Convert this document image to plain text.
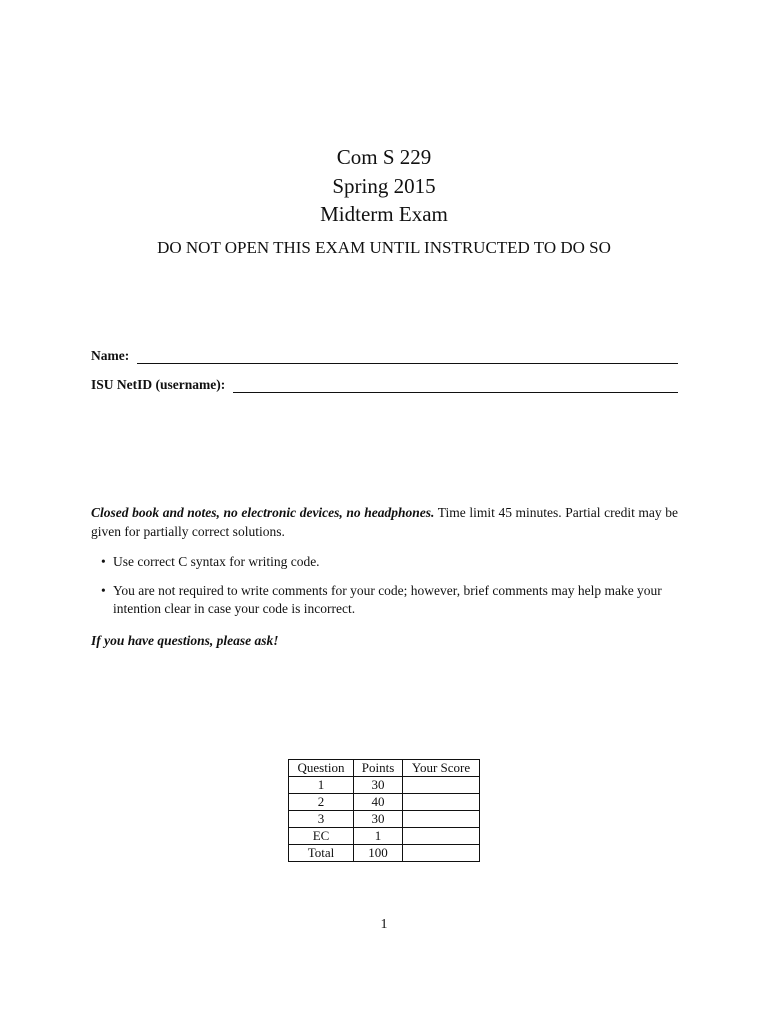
Com S 229
Spring 2015
Midterm Exam
DO NOT OPEN THIS EXAM UNTIL INSTRUCTED TO DO SO
Name:
ISU NetID (username):
Closed book and notes, no electronic devices, no headphones. Time limit 45 minutes. Partial credit may be given for partially correct solutions.
• Use correct C syntax for writing code.
• You are not required to write comments for your code; however, brief comments may help make your intention clear in case your code is incorrect.
If you have questions, please ask!
Question	Points	Your Score
1	30	
2	40	
3	30	
EC	1	
Total	100	
1
